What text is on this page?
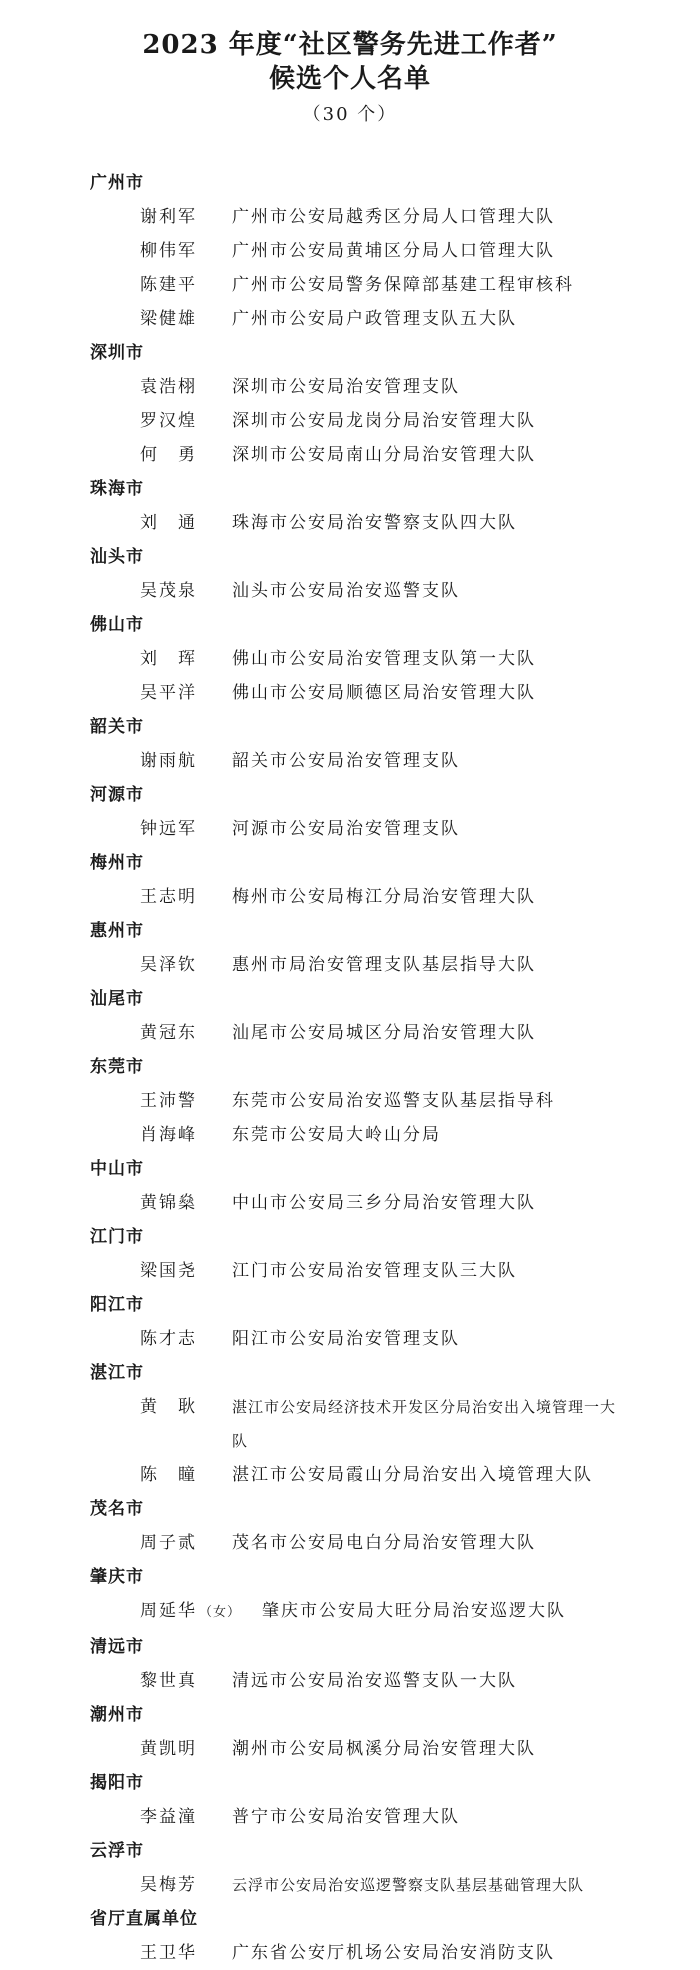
2023 年度“社区警务先进工作者”
候选个人名单
（30 个）
广州市
谢利军	广州市公安局越秀区分局人口管理大队
柳伟军	广州市公安局黄埔区分局人口管理大队
陈建平	广州市公安局警务保障部基建工程审核科
梁健雄	广州市公安局户政管理支队五大队
深圳市
袁浩栩	深圳市公安局治安管理支队
罗汉煌	深圳市公安局龙岗分局治安管理大队
何　勇	深圳市公安局南山分局治安管理大队
珠海市
刘　通	珠海市公安局治安警察支队四大队
汕头市
吴茂泉	汕头市公安局治安巡警支队
佛山市
刘　珲	佛山市公安局治安管理支队第一大队
吴平洋	佛山市公安局顺德区局治安管理大队
韶关市
谢雨航	韶关市公安局治安管理支队
河源市
钟远军	河源市公安局治安管理支队
梅州市
王志明	梅州市公安局梅江分局治安管理大队
惠州市
吴泽钦	惠州市局治安管理支队基层指导大队
汕尾市
黄冠东	汕尾市公安局城区分局治安管理大队
东莞市
王沛警	东莞市公安局治安巡警支队基层指导科
肖海峰	东莞市公安局大岭山分局
中山市
黄锦燊	中山市公安局三乡分局治安管理大队
江门市
梁国尧	江门市公安局治安管理支队三大队
阳江市
陈才志	阳江市公安局治安管理支队
湛江市
黄　耿	湛江市公安局经济技术开发区分局治安出入境管理一大队
陈　瞳	湛江市公安局霞山分局治安出入境管理大队
茂名市
周子贰	茂名市公安局电白分局治安管理大队
肇庆市
周延华 （女）	肇庆市公安局大旺分局治安巡逻大队
清远市
黎世真	清远市公安局治安巡警支队一大队
潮州市
黄凯明	潮州市公安局枫溪分局治安管理大队
揭阳市
李益潼	普宁市公安局治安管理大队
云浮市
吴梅芳	云浮市公安局治安巡逻警察支队基层基础管理大队
省厅直属单位
王卫华	广东省公安厅机场公安局治安消防支队
